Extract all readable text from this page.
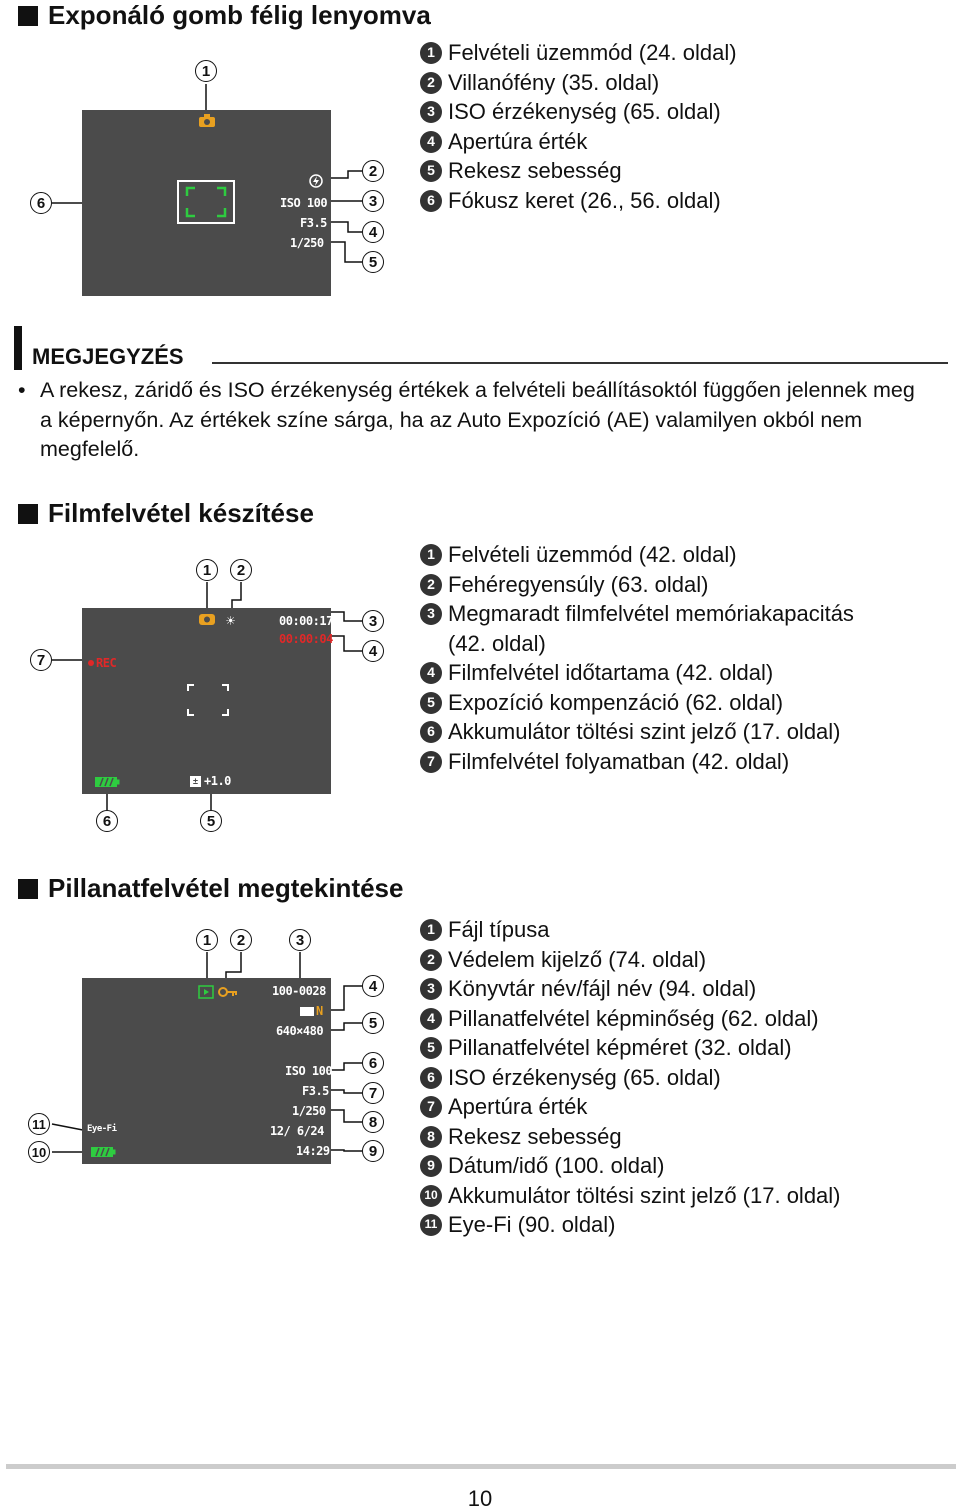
Exponáló gomb félig lenyomva
ISO 100
F3.5
1/250
1
2
3
4
5
6
1 Felvételi üzemmód (24. oldal)
2 Villanófény (35. oldal)
3 ISO érzékenység (65. oldal)
4 Apertúra érték
5 Rekesz sebesség
6 Fókusz keret (26., 56. oldal)
MEGJEGYZÉS
• A rekesz, záridő és ISO érzékenység értékek a felvételi beállításoktól függően jelennek meg a képernyőn. Az értékek színe sárga, ha az Auto Expozíció (AE) valamilyen okból nem megfelelő.
Filmfelvétel készítése
☀	00:00:17
00:00:04
REC
± +1.0
1	2
3
4
7
6	5
1 Felvételi üzemmód (42. oldal)
2 Fehéregyensúly (63. oldal)
3 Megmaradt filmfelvétel memóriakapacitás
(42. oldal)
4 Filmfelvétel időtartama (42. oldal)
5 Expozíció kompenzáció (62. oldal)
6 Akkumulátor töltési szint jelző (17. oldal)
7 Filmfelvétel folyamatban (42. oldal)
Pillanatfelvétel megtekintése
100-0028
N
640×480
ISO 100
F3.5
1/250
12/ 6/24
14:29
Eye-Fi
1	2	3
4
5
6
7
8
9
11
10
1 Fájl típusa
2 Védelem kijelző (74. oldal)
3 Könyvtár név/fájl név (94. oldal)
4 Pillanatfelvétel képminőség (62. oldal)
5 Pillanatfelvétel képméret (32. oldal)
6 ISO érzékenység (65. oldal)
7 Apertúra érték
8 Rekesz sebesség
9 Dátum/idő (100. oldal)
10 Akkumulátor töltési szint jelző (17. oldal)
11 Eye-Fi (90. oldal)
10
